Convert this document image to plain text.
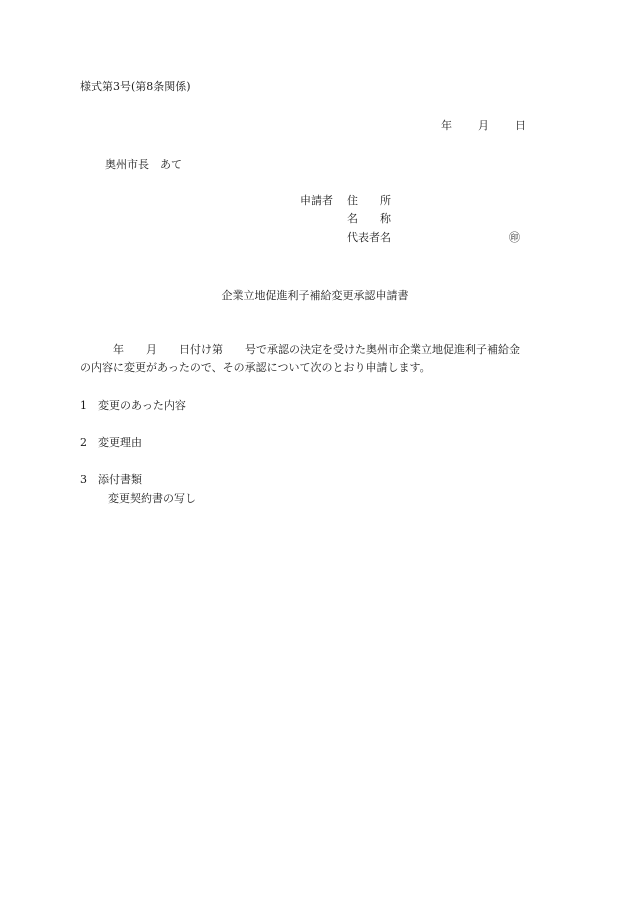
様式第3号(第8条関係)
年 月 日
奥州市長　あて
申請者 住　　所
名　　称
代表者名	㊞
企業立地促進利子補給変更承認申請書
年　　月　　日付け第　　号で承認の決定を受けた奥州市企業立地促進利子補給金
の内容に変更があったので、その承認について次のとおり申請します。
1 変更のあった内容
2 変更理由
3 添付書類
変更契約書の写し
